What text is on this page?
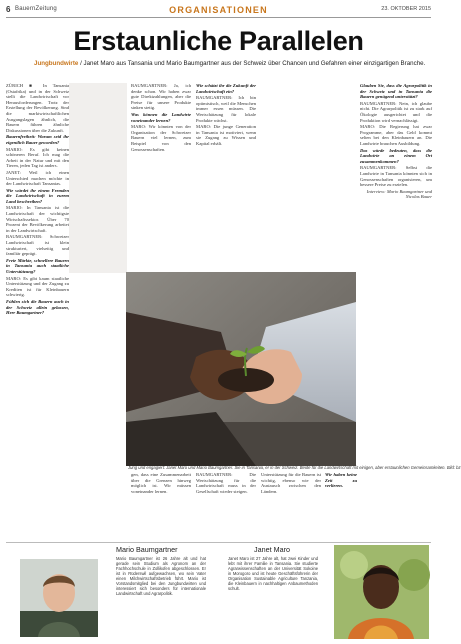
6 BauernZeitung	ORGANISATIONEN	23. OKTOBER 2015
Erstaunliche Parallelen
Jungbundwirte / Janet Maro aus Tansania und Mario Baumgartner aus der Schweiz über Chancen und Gefahren einer einzigartigen Branche.

ZÜRICH ■ In Tansania (Ostafrika) und in der Schweiz stellt die Landwirtschaft vor Herausforderungen. Trotz der Erstellung der Bevölkerung. Sind die marktwirtschaftlichen Ausgangslagen ähnlich, die Bauern führen ähnliche Diskussionen über die Zukunft.

Bauernfreiheit: Warum seid ihr eigentlich Bauer geworden?

MARIO: Es gibt keinen schöneren Beruf. Ich mag die Arbeit in der Natur und mit den Tieren, jeden Tag ist anders.

JANET: Weil ich einen Unterschied machen möchte in der Landwirtschaft Tansanias.

Wie würdet ihr einem Fremden die Landwirtschaft in eurem Land beschreiben?

MARIO: In Tansania ist die Landwirtschaft der wichtigste Wirtschaftssektor. Über 70 Prozent der Bevölkerung arbeitet in der Landwirtschaft.

BAUMGARTNER: Schweizer Landwirtschaft ist klein strukturiert, vielseitig und familiär geprägt.

Freie Märkte, schnellere Bauern in Tansania auch staatliche Unterstützung?

MARO: Es gibt kaum staatliche Unterstützung und der Zugang zu Krediten ist für Kleinbauern schwierig.

Fühlen sich die Bauern auch in der Schweiz allein gelassen, Herr Baumgartner?

BAUMGARTNER: Ja, ich denke schon. Wir haben zwar gute Direktzahlungen, aber die Preise für unsere Produkte sinken stetig.

Was können die Landwirte voneinander lernen?

MARO: Wir könnten von der Organisation der Schweizer Bauern viel lernen, zum Beispiel von den Genossenschaften.

Wie schätzt ihr die Zukunft der Landwirtschaft ein?

BAUMGARTNER: Ich bin optimistisch, weil die Menschen immer essen müssen. Die Wertschätzung für lokale Produkte wächst.

MARO: Die junge Generation in Tansania ist motiviert, wenn sie Zugang zu Wissen und Kapital erhält.

Glauben Sie, dass die Agrarpolitik in der Schweiz und in Tansania die Bauern genügend unterstützt?

BAUMGARTNER: Nein, ich glaube nicht. Die Agrarpolitik ist zu stark auf Ökologie ausgerichtet und die Produktion wird vernachlässigt.

MARO: Die Regierung hat zwar Programme, aber das Geld kommt selten bei den Kleinbauern an. Die Landwirte brauchen Ausbildung.

Das würde bedeuten, dass die Landwirte an einem Ort zusammenkommen?

BAUMGARTNER: Selbst die Landwirte in Tansania könnten sich in Genossenschaften organisieren, um bessere Preise zu erzielen.

Interview: Mario Baumgartner und Nicolas Bauer

Jung und engagiert: Janet Maro und Mario Baumgartner. Sie in Tansania, er in der Schweiz. Beide für die Landwirtschaft mit einigen, aber erstaunlichen Gemeinsamkeiten. Bild: bz

gen, dass eine Zusammenarbeit über die Grenzen hinweg möglich ist. Wir müssen voneinander lernen.

BAUMGARTNER: Die Wertschätzung für die Landwirtschaft muss in der Gesellschaft wieder steigen.

Unterstützung für die Bauern ist wichtig, ebenso wie der Austausch zwischen den Ländern.

Wir haben keine Zeit zu verlieren.

Mario Baumgartner
Mario Baumgartner ist 26 Jahre alt und hat gerade sein Studium als Agronom an der Fachhochschule in Zollikofen abgeschlossen. Er ist in Rüderswil aufgewachsen, wo sein Vater einen Milchwirtschaftsbetrieb führt. Mario ist Vorstandsmitglied bei den Jungbundwirten und interessiert sich besonders für internationale Landwirtschaft und Agrarpolitik.
Janet Maro
Janet Maro ist 27 Jahre alt, hat zwei Kinder und lebt mit ihrer Familie in Tansania. Sie studierte Agrarwissenschaften an der Universität Sokoine in Morogoro und ist heute Geschäftsführerin der Organisation Sustainable Agriculture Tanzania, die Kleinbauern in nachhaltigen Anbaumethoden schult.
